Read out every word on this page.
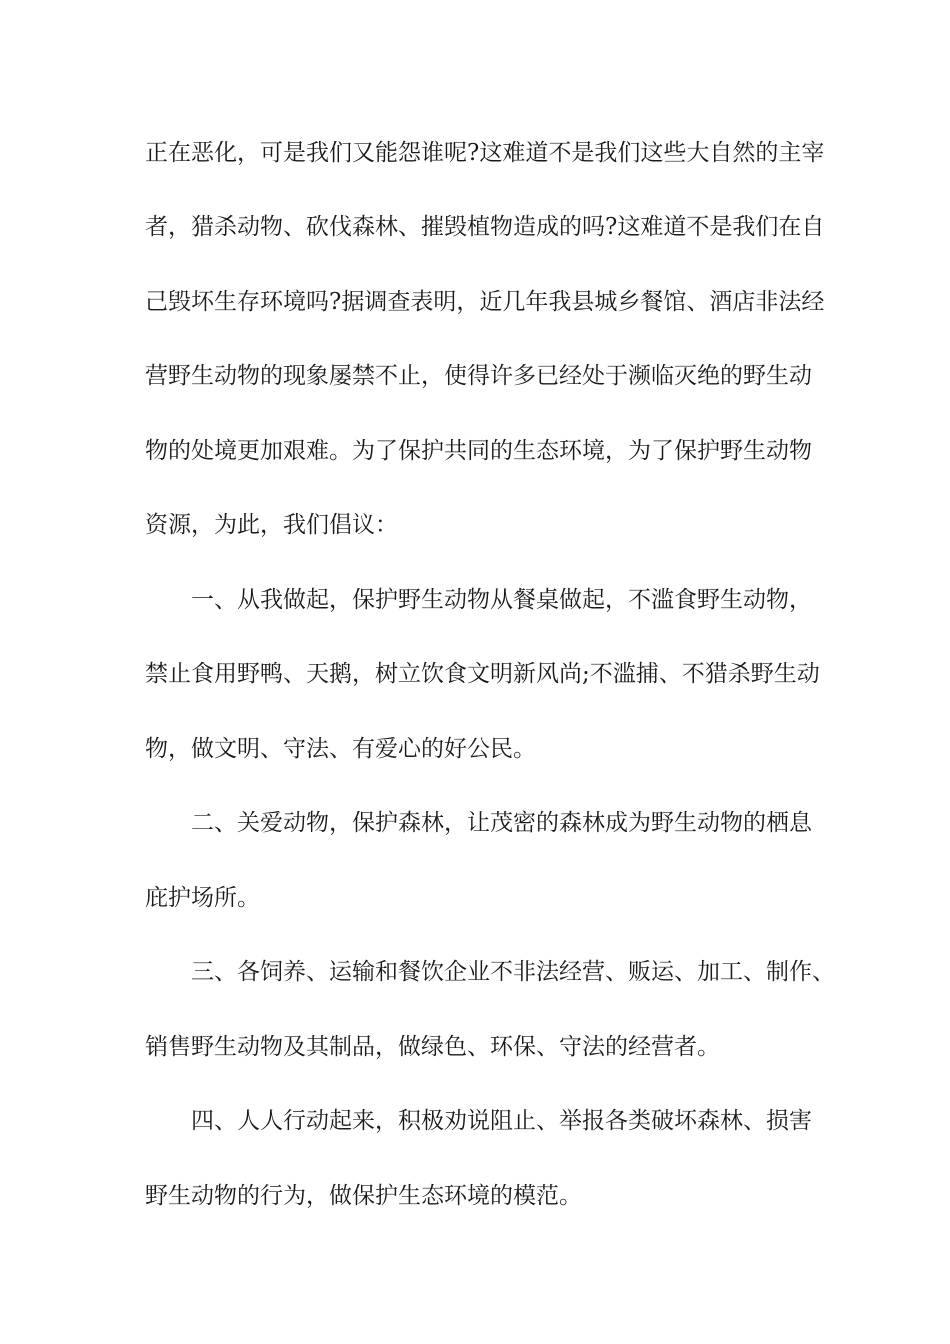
正在恶化，可是我们又能怨谁呢?这难道不是我们这些大自然的主宰
者，猎杀动物、砍伐森林、摧毁植物造成的吗?这难道不是我们在自
己毁坏生存环境吗?据调查表明，近几年我县城乡餐馆、酒店非法经
营野生动物的现象屡禁不止，使得许多已经处于濒临灭绝的野生动
物的处境更加艰难。为了保护共同的生态环境，为了保护野生动物
资源，为此，我们倡议：
一、从我做起，保护野生动物从餐桌做起，不滥食野生动物，
禁止食用野鸭、天鹅，树立饮食文明新风尚;不滥捕、不猎杀野生动
物，做文明、守法、有爱心的好公民。
二、关爱动物，保护森林，让茂密的森林成为野生动物的栖息
庇护场所。
三、各饲养、运输和餐饮企业不非法经营、贩运、加工、制作、
销售野生动物及其制品，做绿色、环保、守法的经营者。
四、人人行动起来，积极劝说阻止、举报各类破坏森林、损害
野生动物的行为，做保护生态环境的模范。
